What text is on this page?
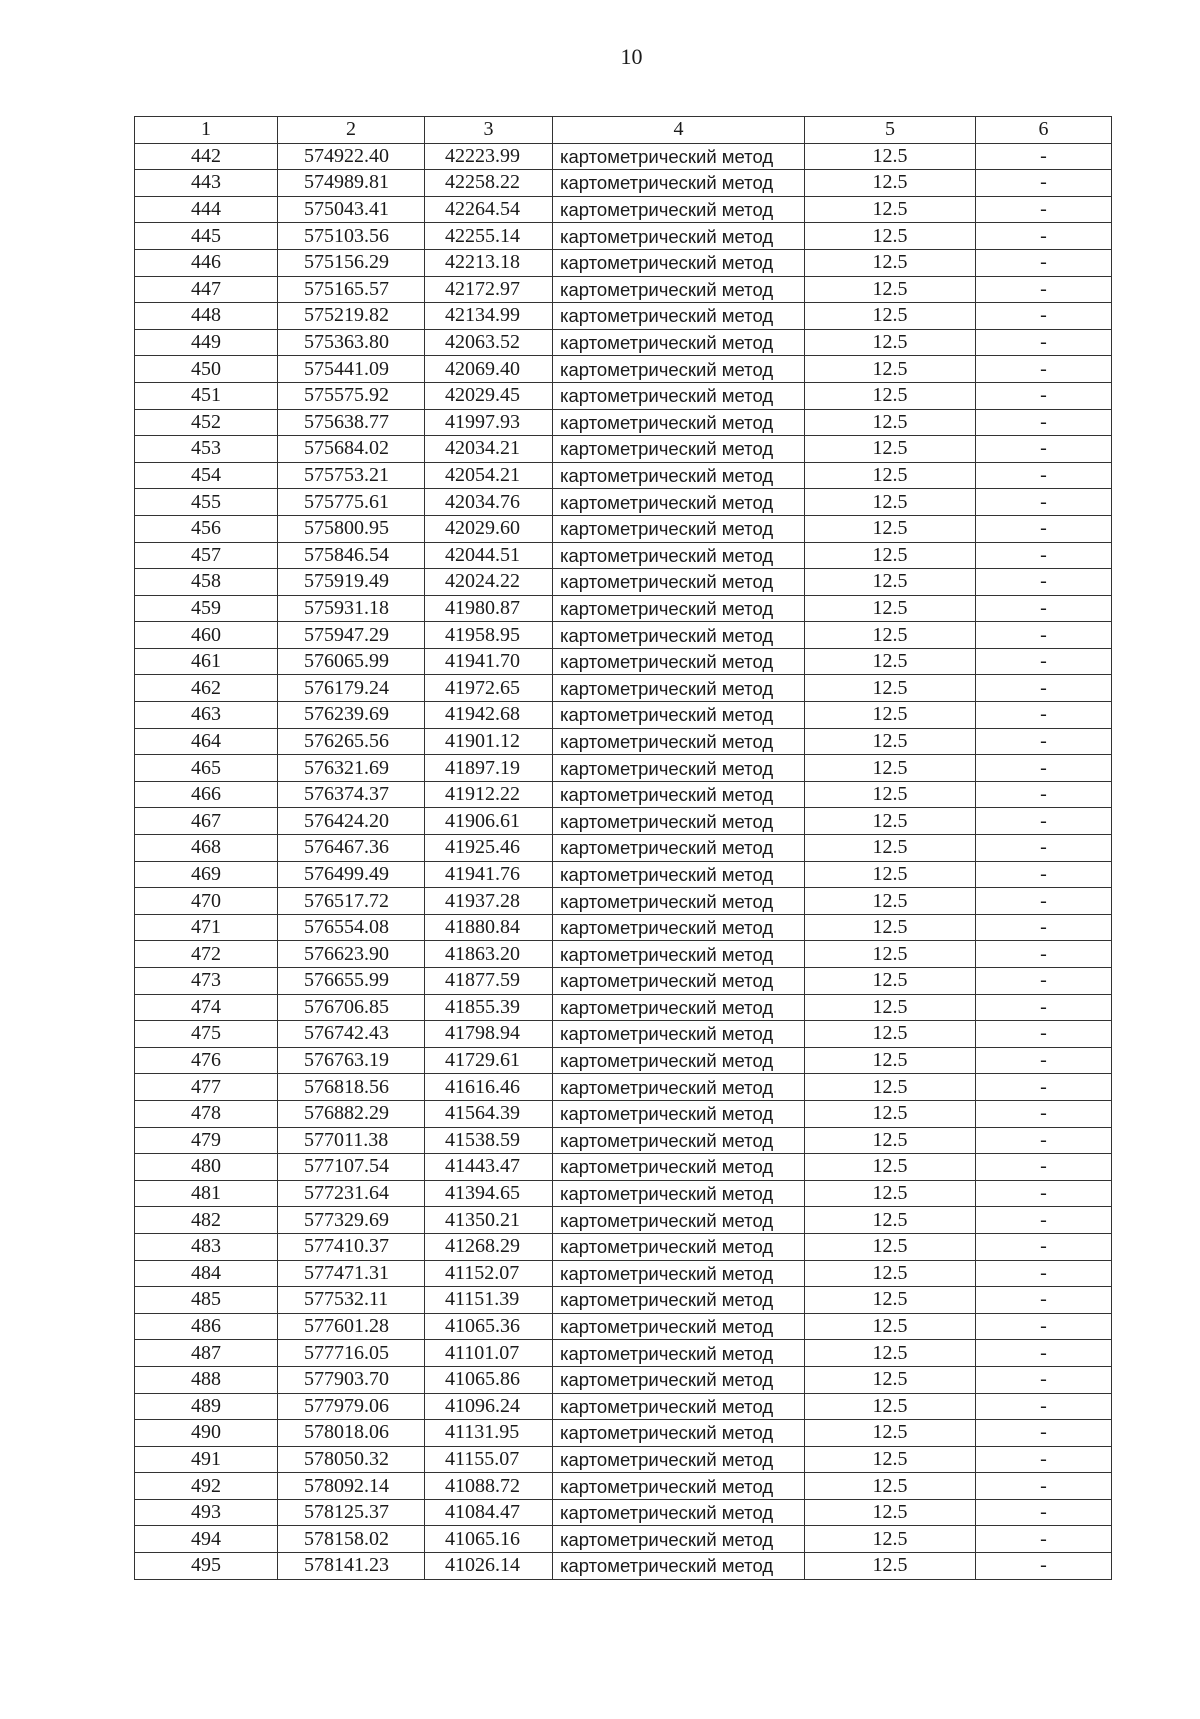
10
1	2	3	4	5	6
442	574922.40	42223.99	картометрический метод	12.5	-
443	574989.81	42258.22	картометрический метод	12.5	-
444	575043.41	42264.54	картометрический метод	12.5	-
445	575103.56	42255.14	картометрический метод	12.5	-
446	575156.29	42213.18	картометрический метод	12.5	-
447	575165.57	42172.97	картометрический метод	12.5	-
448	575219.82	42134.99	картометрический метод	12.5	-
449	575363.80	42063.52	картометрический метод	12.5	-
450	575441.09	42069.40	картометрический метод	12.5	-
451	575575.92	42029.45	картометрический метод	12.5	-
452	575638.77	41997.93	картометрический метод	12.5	-
453	575684.02	42034.21	картометрический метод	12.5	-
454	575753.21	42054.21	картометрический метод	12.5	-
455	575775.61	42034.76	картометрический метод	12.5	-
456	575800.95	42029.60	картометрический метод	12.5	-
457	575846.54	42044.51	картометрический метод	12.5	-
458	575919.49	42024.22	картометрический метод	12.5	-
459	575931.18	41980.87	картометрический метод	12.5	-
460	575947.29	41958.95	картометрический метод	12.5	-
461	576065.99	41941.70	картометрический метод	12.5	-
462	576179.24	41972.65	картометрический метод	12.5	-
463	576239.69	41942.68	картометрический метод	12.5	-
464	576265.56	41901.12	картометрический метод	12.5	-
465	576321.69	41897.19	картометрический метод	12.5	-
466	576374.37	41912.22	картометрический метод	12.5	-
467	576424.20	41906.61	картометрический метод	12.5	-
468	576467.36	41925.46	картометрический метод	12.5	-
469	576499.49	41941.76	картометрический метод	12.5	-
470	576517.72	41937.28	картометрический метод	12.5	-
471	576554.08	41880.84	картометрический метод	12.5	-
472	576623.90	41863.20	картометрический метод	12.5	-
473	576655.99	41877.59	картометрический метод	12.5	-
474	576706.85	41855.39	картометрический метод	12.5	-
475	576742.43	41798.94	картометрический метод	12.5	-
476	576763.19	41729.61	картометрический метод	12.5	-
477	576818.56	41616.46	картометрический метод	12.5	-
478	576882.29	41564.39	картометрический метод	12.5	-
479	577011.38	41538.59	картометрический метод	12.5	-
480	577107.54	41443.47	картометрический метод	12.5	-
481	577231.64	41394.65	картометрический метод	12.5	-
482	577329.69	41350.21	картометрический метод	12.5	-
483	577410.37	41268.29	картометрический метод	12.5	-
484	577471.31	41152.07	картометрический метод	12.5	-
485	577532.11	41151.39	картометрический метод	12.5	-
486	577601.28	41065.36	картометрический метод	12.5	-
487	577716.05	41101.07	картометрический метод	12.5	-
488	577903.70	41065.86	картометрический метод	12.5	-
489	577979.06	41096.24	картометрический метод	12.5	-
490	578018.06	41131.95	картометрический метод	12.5	-
491	578050.32	41155.07	картометрический метод	12.5	-
492	578092.14	41088.72	картометрический метод	12.5	-
493	578125.37	41084.47	картометрический метод	12.5	-
494	578158.02	41065.16	картометрический метод	12.5	-
495	578141.23	41026.14	картометрический метод	12.5	-
